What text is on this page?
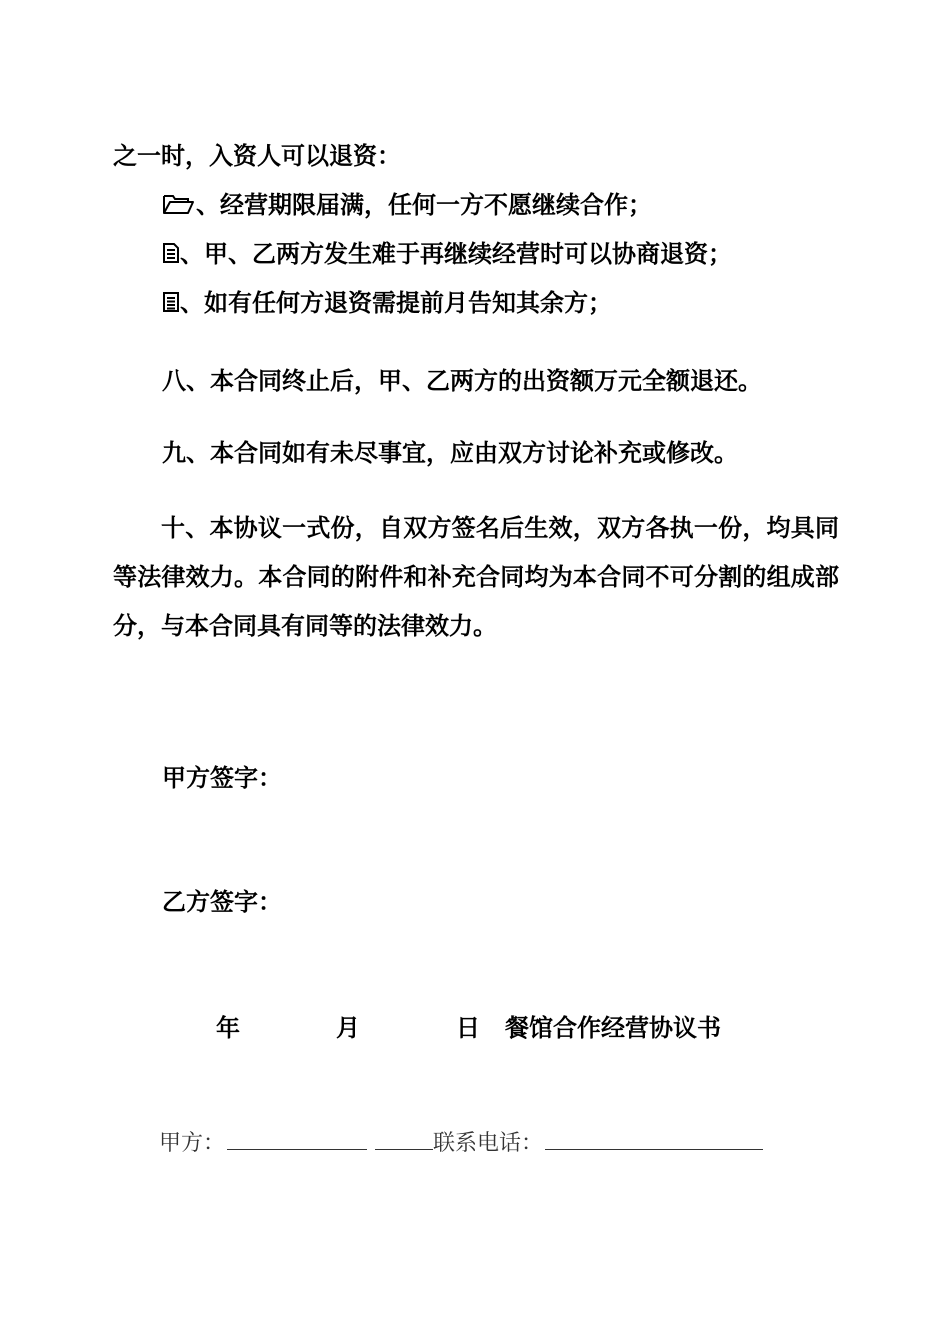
之一时，入资人可以退资：
、经营期限届满，任何一方不愿继续合作；
、甲、乙两方发生难于再继续经营时可以协商退资；
、如有任何方退资需提前月告知其余方；
八、本合同终止后，甲、乙两方的出资额万元全额退还。
九、本合同如有未尽事宜，应由双方讨论补充或修改。
十、本协议一式份，自双方签名后生效，双方各执一份，均具同等法律效力。本合同的附件和补充合同均为本合同不可分割的组成部分，与本合同具有同等的法律效力。
甲方签字：
乙方签字：
年	月	日 餐馆合作经营协议书
甲方：	联系电话：
